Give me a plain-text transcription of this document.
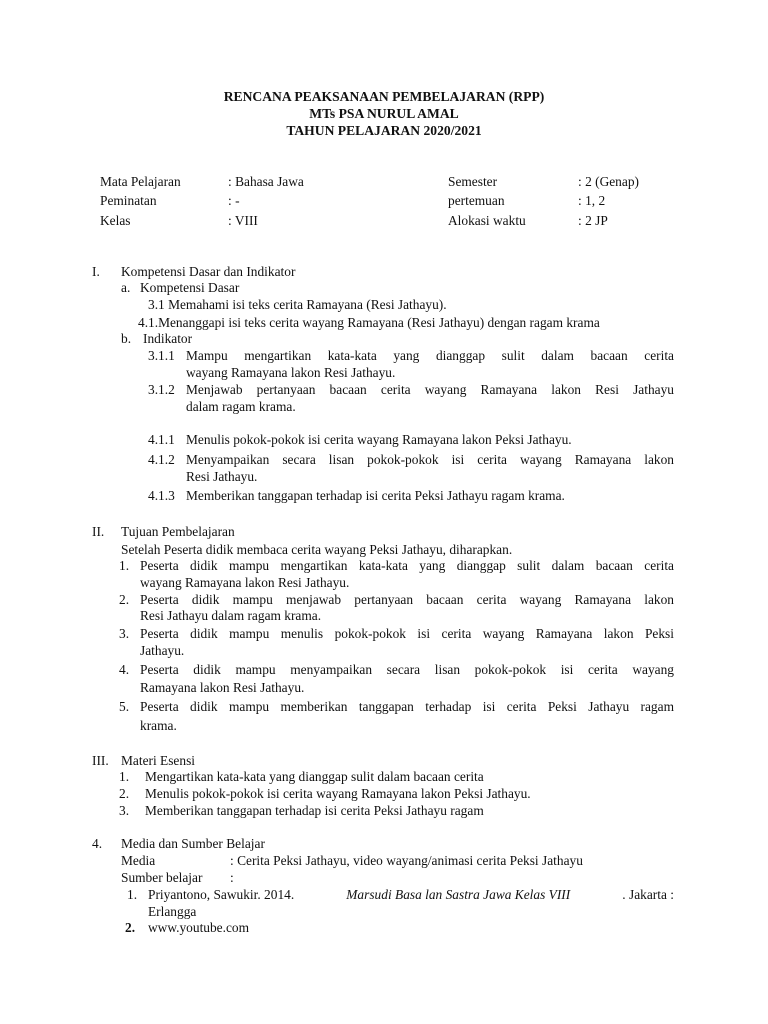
RENCANA PEAKSANAAN PEMBELAJARAN (RPP)
MTs PSA NURUL AMAL
TAHUN PELAJARAN 2020/2021
Mata Pelajaran	: Bahasa Jawa	Semester	: 2 (Genap)
Peminatan	: -	pertemuan	: 1, 2
Kelas	: VIII	Alokasi waktu	: 2 JP
I. Kompetensi Dasar dan Indikator
a. Kompetensi Dasar
3.1 Memahami isi teks cerita Ramayana (Resi Jathayu).
4.1.Menanggapi isi teks cerita wayang Ramayana (Resi Jathayu) dengan ragam krama
b. Indikator
3.1.1 Mampu mengartikan kata-kata yang dianggap sulit dalam bacaan cerita
wayang Ramayana lakon Resi Jathayu.
3.1.2 Menjawab pertanyaan bacaan cerita wayang Ramayana lakon Resi Jathayu
dalam ragam krama.
4.1.1 Menulis pokok-pokok isi cerita wayang Ramayana lakon Peksi Jathayu.
4.1.2 Menyampaikan secara lisan pokok-pokok isi cerita wayang Ramayana lakon
Resi Jathayu.
4.1.3 Memberikan tanggapan terhadap isi cerita Peksi Jathayu ragam krama.
II. Tujuan Pembelajaran
Setelah Peserta didik membaca cerita wayang Peksi Jathayu, diharapkan.
1. Peserta didik mampu mengartikan kata-kata yang dianggap sulit dalam bacaan cerita
wayang Ramayana lakon Resi Jathayu.
2. Peserta didik mampu menjawab pertanyaan bacaan cerita wayang Ramayana lakon
Resi Jathayu dalam ragam krama.
3. Peserta didik mampu menulis pokok-pokok isi cerita wayang Ramayana lakon Peksi
Jathayu.
4. Peserta didik mampu menyampaikan secara lisan pokok-pokok isi cerita wayang
Ramayana lakon Resi Jathayu.
5. Peserta didik mampu memberikan tanggapan terhadap isi cerita Peksi Jathayu ragam
krama.
III. Materi Esensi
1. Mengartikan kata-kata yang dianggap sulit dalam bacaan cerita
2. Menulis pokok-pokok isi cerita wayang Ramayana lakon Peksi Jathayu.
3. Memberikan tanggapan terhadap isi cerita Peksi Jathayu ragam
4. Media dan Sumber Belajar
Media	: Cerita Peksi Jathayu, video wayang/animasi cerita Peksi Jathayu
Sumber belajar :
1. Priyantono, Sawukir. 2014.	Marsudi Basa lan Sastra Jawa Kelas VIII	. Jakarta :
Erlangga
2. www.youtube.com
